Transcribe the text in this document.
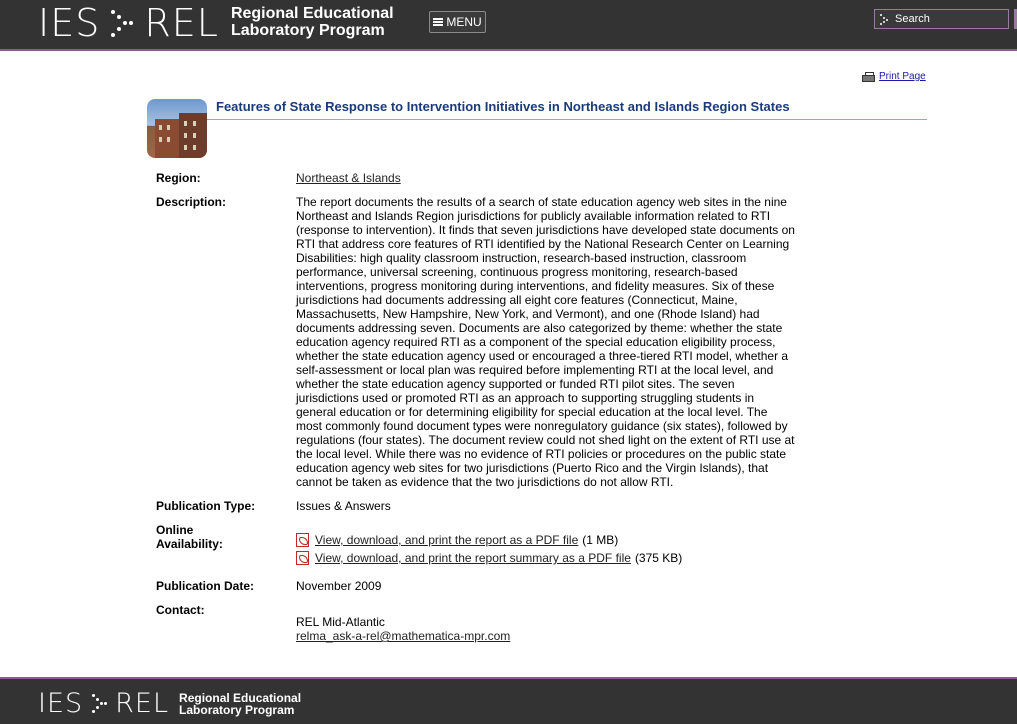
IES REL Regional Educational
Laboratory Program	MENU	Search
Print Page
Features of State Response to Intervention Initiatives in Northeast and Islands Region States
Region:	Northeast & Islands
Description:	The report documents the results of a search of state education agency web sites in the nine
Northeast and Islands Region jurisdictions for publicly available information related to RTI
(response to intervention). It finds that seven jurisdictions have developed state documents on
RTI that address core features of RTI identified by the National Research Center on Learning
Disabilities: high quality classroom instruction, research-based instruction, classroom
performance, universal screening, continuous progress monitoring, research-based
interventions, progress monitoring during interventions, and fidelity measures. Six of these
jurisdictions had documents addressing all eight core features (Connecticut, Maine,
Massachusetts, New Hampshire, New York, and Vermont), and one (Rhode Island) had
documents addressing seven. Documents are also categorized by theme: whether the state
education agency required RTI as a component of the special education eligibility process,
whether the state education agency used or encouraged a three-tiered RTI model, whether a
self-assessment or local plan was required before implementing RTI at the local level, and
whether the state education agency supported or funded RTI pilot sites. The seven
jurisdictions used or promoted RTI as an approach to supporting struggling students in
general education or for determining eligibility for special education at the local level. The
most commonly found document types were nonregulatory guidance (six states), followed by
regulations (four states). The document review could not shed light on the extent of RTI use at
the local level. While there was no evidence of RTI policies or procedures on the public state
education agency web sites for two jurisdictions (Puerto Rico and the Virgin Islands), that
cannot be taken as evidence that the two jurisdictions do not allow RTI.
Publication Type:	Issues & Answers
Online
Availability:	View, download, and print the report as a PDF file (1 MB)
View, download, and print the report summary as a PDF file (375 KB)
Publication Date:	November 2009
Contact:
REL Mid-Atlantic
relma_ask-a-rel@mathematica-mpr.com
IES REL Regional Educational
Laboratory Program
